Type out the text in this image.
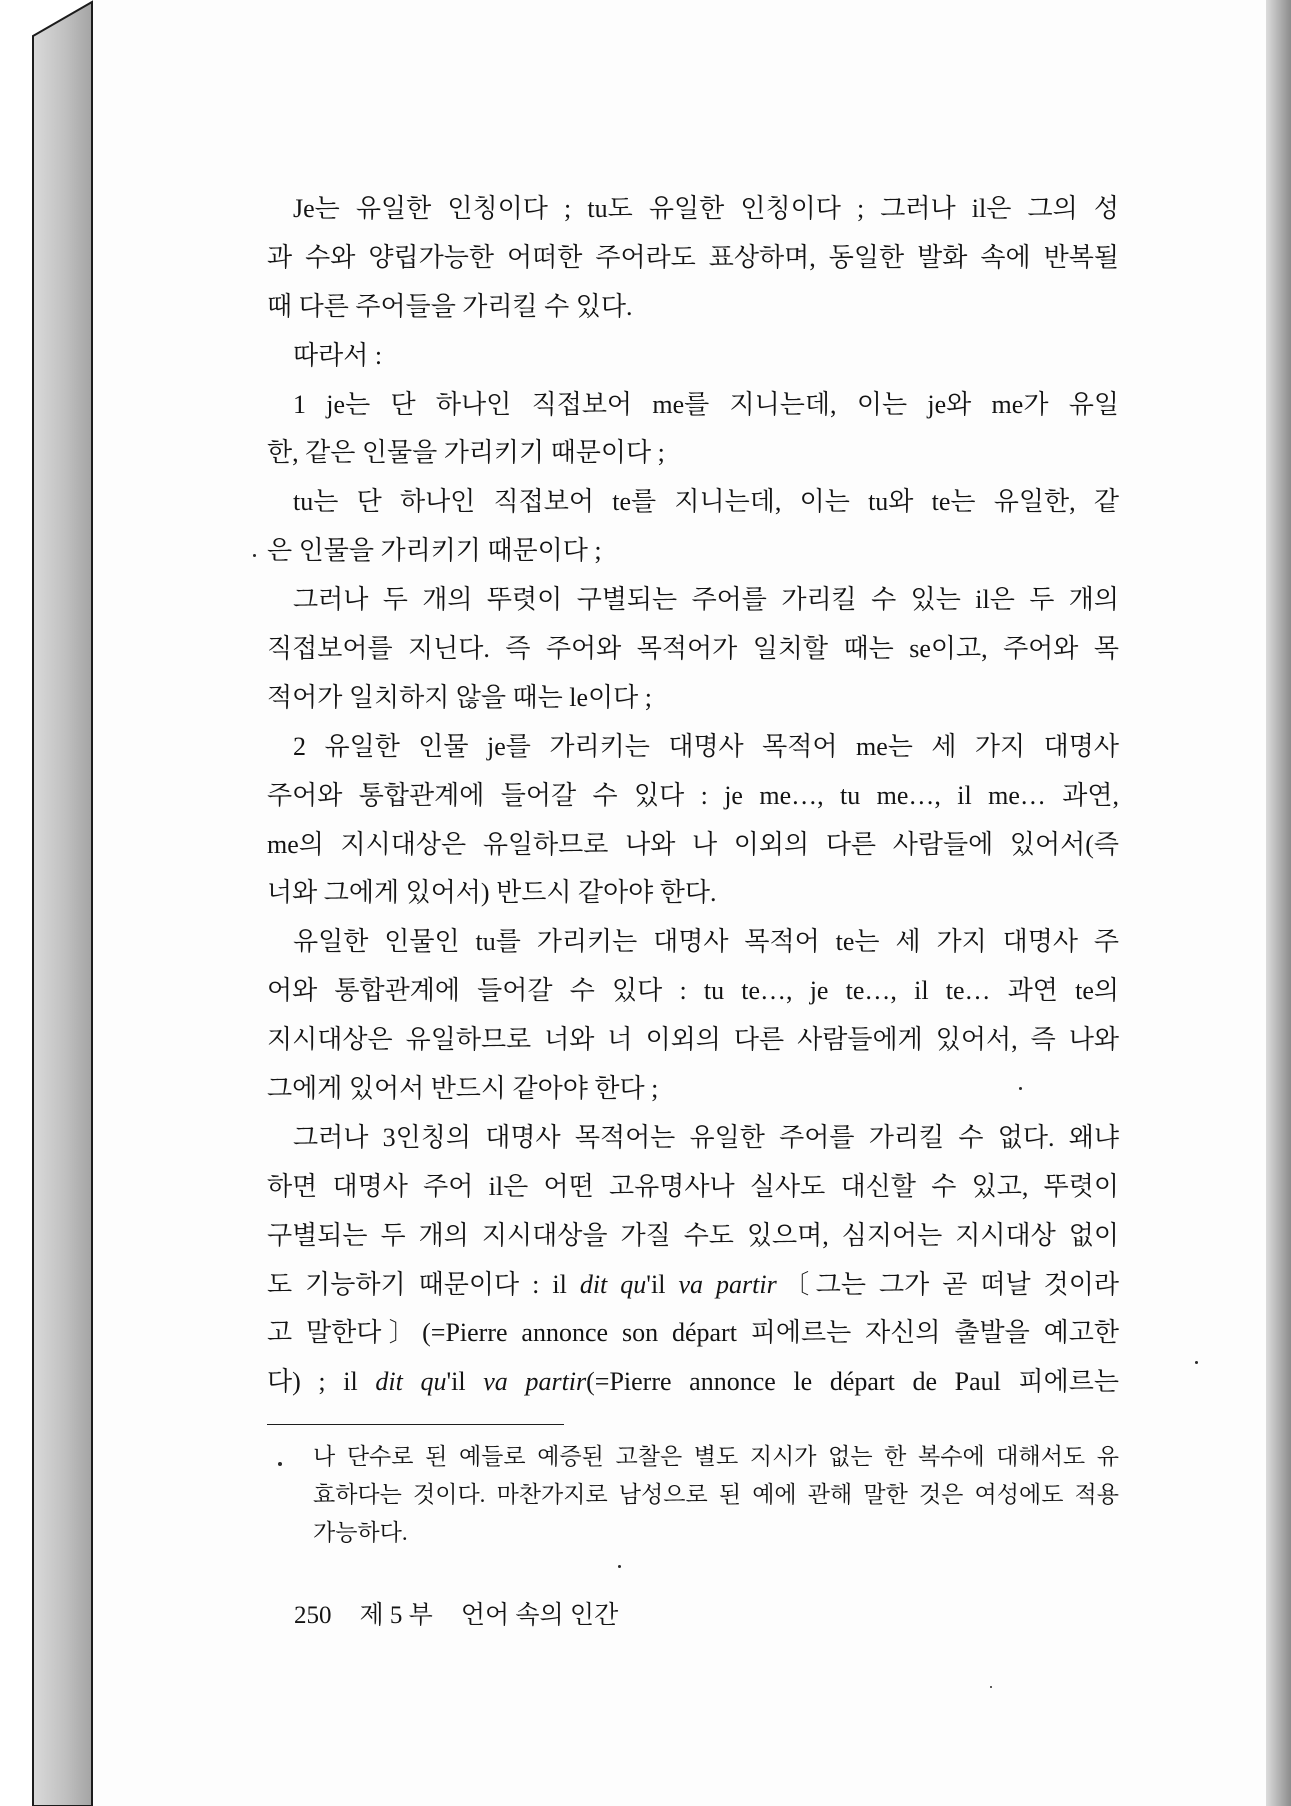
Je는 유일한 인칭이다 ; tu도 유일한 인칭이다 ; 그러나 il은 그의 성
과 수와 양립가능한 어떠한 주어라도 표상하며, 동일한 발화 속에 반복될
때 다른 주어들을 가리킬 수 있다.
따라서 :
1 je는 단 하나인 직접보어 me를 지니는데, 이는 je와 me가 유일
한, 같은 인물을 가리키기 때문이다 ;
tu는 단 하나인 직접보어 te를 지니는데, 이는 tu와 te는 유일한, 같
은 인물을 가리키기 때문이다 ;
그러나 두 개의 뚜렷이 구별되는 주어를 가리킬 수 있는 il은 두 개의
직접보어를 지닌다. 즉 주어와 목적어가 일치할 때는 se이고, 주어와 목
적어가 일치하지 않을 때는 le이다 ;
2 유일한 인물 je를 가리키는 대명사 목적어 me는 세 가지 대명사
주어와 통합관계에 들어갈 수 있다 : je me…, tu me…, il me… 과연,
me의 지시대상은 유일하므로 나와 나 이외의 다른 사람들에 있어서(즉
너와 그에게 있어서) 반드시 같아야 한다.
유일한 인물인 tu를 가리키는 대명사 목적어 te는 세 가지 대명사 주
어와 통합관계에 들어갈 수 있다 : tu te…, je te…, il te… 과연 te의
지시대상은 유일하므로 너와 너 이외의 다른 사람들에게 있어서, 즉 나와
그에게 있어서 반드시 같아야 한다 ;
그러나 3인칭의 대명사 목적어는 유일한 주어를 가리킬 수 없다. 왜냐
하면 대명사 주어 il은 어떤 고유명사나 실사도 대신할 수 있고, 뚜렷이
구별되는 두 개의 지시대상을 가질 수도 있으며, 심지어는 지시대상 없이
도 기능하기 때문이다 : il dit qu'il va partir〔그는 그가 곧 떠날 것이라
고 말한다〕(=Pierre annonce son départ 피에르는 자신의 출발을 예고한
다) ; il dit qu'il va partir(=Pierre annonce le départ de Paul 피에르는
나 단수로 된 예들로 예증된 고찰은 별도 지시가 없는 한 복수에 대해서도 유
효하다는 것이다. 마찬가지로 남성으로 된 예에 관해 말한 것은 여성에도 적용
가능하다.
250 제 5 부 언어 속의 인간
